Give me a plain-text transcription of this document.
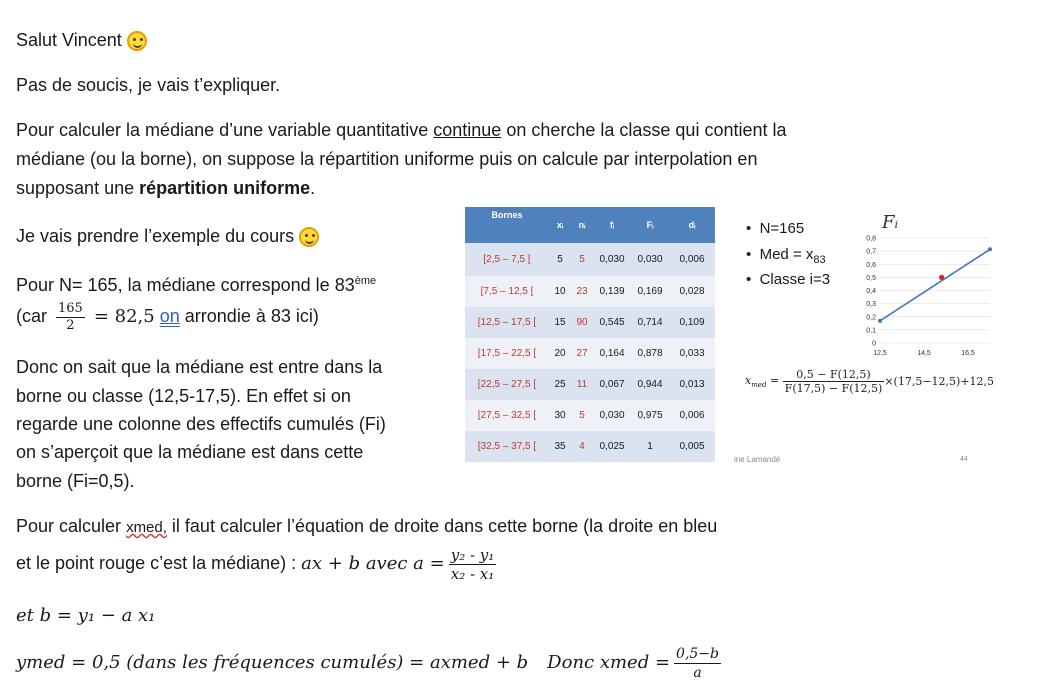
Salut Vincent
Pas de soucis, je vais t’expliquer.
Pour calculer la médiane d’une variable quantitative continue on cherche la classe qui contient la
médiane (ou la borne), on suppose la répartition uniforme puis on calcule par interpolation en
supposant une répartition uniforme.
Je vais prendre l’exemple du cours
Pour N= 165, la médiane correspond le 83ème
($car \frac{165}{2} = 82,5$ on arrondie à 83 ici)
Donc on sait que la médiane est entre dans la
borne ou classe (12,5-17,5). En effet si on
regarde une colonne des effectifs cumulés (Fi)
on s’aperçoit que la médiane est dans cette
borne (Fi=0,5).
Pour calculer xmed, il faut calculer l’équation de droite dans cette borne (la droite en bleu
et le point rouge c’est la médiane) : ax + b avec $a = \frac{\text{y₂ - y₁}}{\text{x₂ - x₁}}$
et b = y₁ − a x₁
ymed = 0,5 (dans les fréquences cumulés) = axmed + b Donc xmed = $\frac{0,5-b}{a}$
Bornes	xᵢ	nᵢ	fᵢ	Fᵢ	dᵢ
[2,5 – 7,5 [	5	5	0,030	0,030	0,006
[7,5 – 12,5 [	10	23	0,139	0,169	0,028
[12,5 – 17,5 [	15	90	0,545	0,714	0,109
[17,5 – 22,5 [	20	27	0,164	0,878	0,033
[22,5 – 27,5 [	25	11	0,067	0,944	0,013
[27,5 – 32,5 [	30	5	0,030	0,975	0,006
[32,5 – 37,5 [	35	4	0,025	1	0,005
•  N=165
•  Med = $x_{83}$
•  Classe i=3
Fᵢ
0
0,1
0,2
0,3
0,4
0,5
0,6
0,7
0,8
12,5	14,5	16,5
$x_{med} = \frac{0,5 - F(12,5)}{F(17,5) - F(12,5)} \times(17,5-12,5)+12,5$
ine Lamandé	44
